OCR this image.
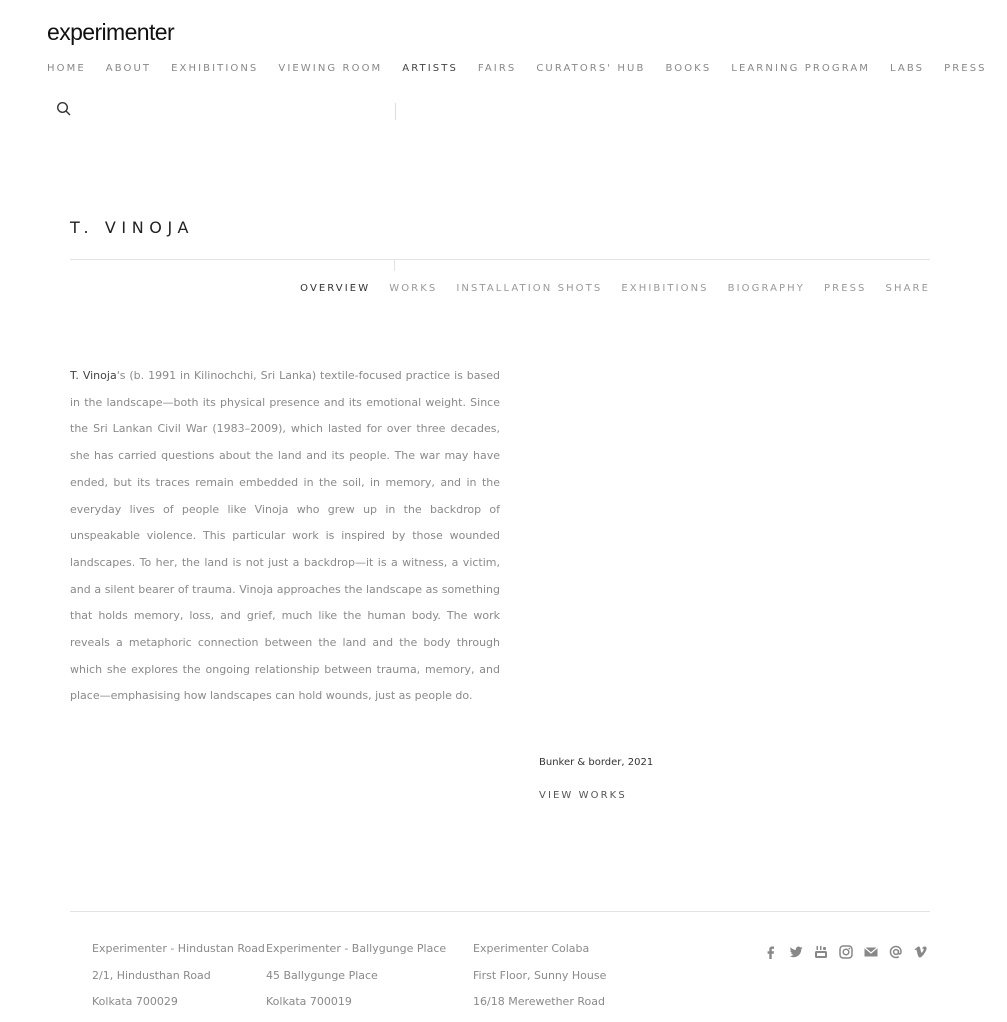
experimenter
HOME ABOUT EXHIBITIONS VIEWING ROOM ARTISTS FAIRS CURATORS' HUB BOOKS LEARNING PROGRAM LABS PRESS
T. VINOJA
OVERVIEW WORKS INSTALLATION SHOTS EXHIBITIONS BIOGRAPHY PRESS SHARE

T. Vinoja's (b. 1991 in Kilinochchi, Sri Lanka) textile-focused practice is based in the landscape—both its physical presence and its emotional weight. Since the Sri Lankan Civil War (1983–2009), which lasted for over three decades, she has carried questions about the land and its people. The war may have ended, but its traces remain embedded in the soil, in memory, and in the everyday lives of people like Vinoja who grew up in the backdrop of unspeakable violence. This particular work is inspired by those wounded landscapes. To her, the land is not just a backdrop—it is a witness, a victim, and a silent bearer of trauma. Vinoja approaches the landscape as something that holds memory, loss, and grief, much like the human body. The work reveals a metaphoric connection between the land and the body through which she explores the ongoing relationship between trauma, memory, and place—emphasising how landscapes can hold wounds, just as people do.

Bunker & border, 2021
VIEW WORKS
Experimenter - Hindustan Road
2/1, Hindusthan Road
Kolkata 700029
Experimenter - Ballygunge Place
45 Ballygunge Place
Kolkata 700019
Experimenter Colaba
First Floor, Sunny House
16/18 Merewether Road
